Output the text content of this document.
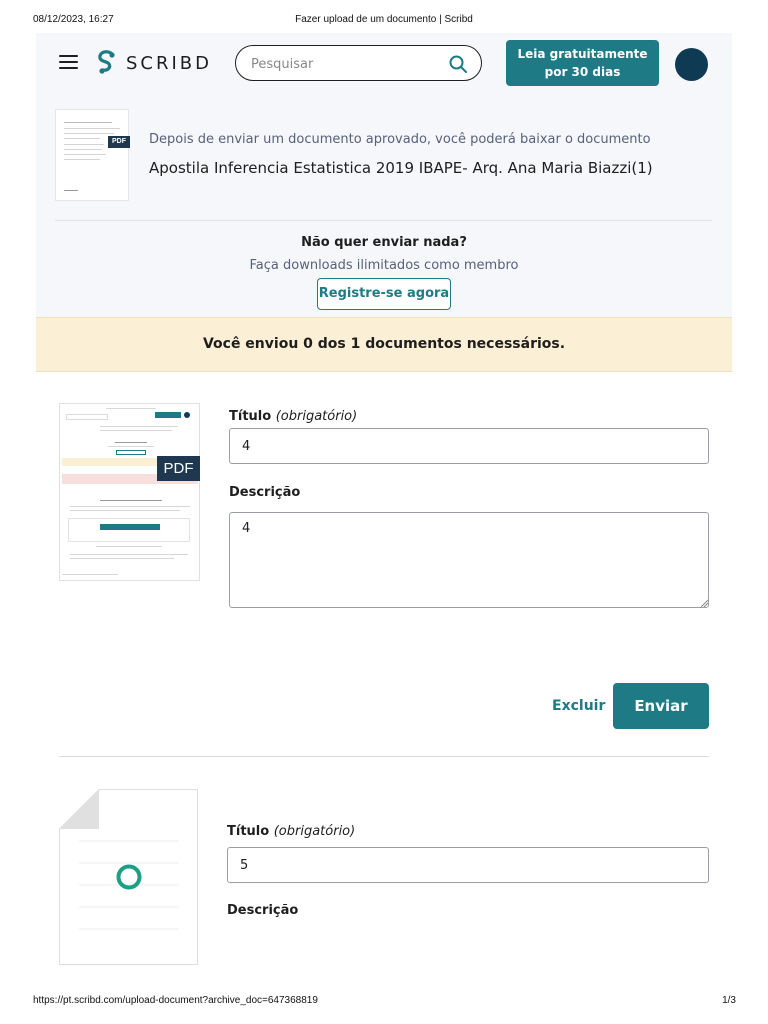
08/12/2023, 16:27	Fazer upload de um documento | Scribd
SCRIBD
Pesquisar	Leia gratuitamente
por 30 dias
PDF	Depois de enviar um documento aprovado, você poderá baixar o documento
Apostila Inferencia Estatistica 2019 IBAPE- Arq. Ana Maria Biazzi(1)
Não quer enviar nada?
Faça downloads ilimitados como membro
Registre-se agora
Você enviou 0 dos 1 documentos necessários.
PDF
Título (obrigatório)
4
Descrição
4
Excluir	Enviar
Título (obrigatório)
5
Descrição
https://pt.scribd.com/upload-document?archive_doc=647368819	1/3
